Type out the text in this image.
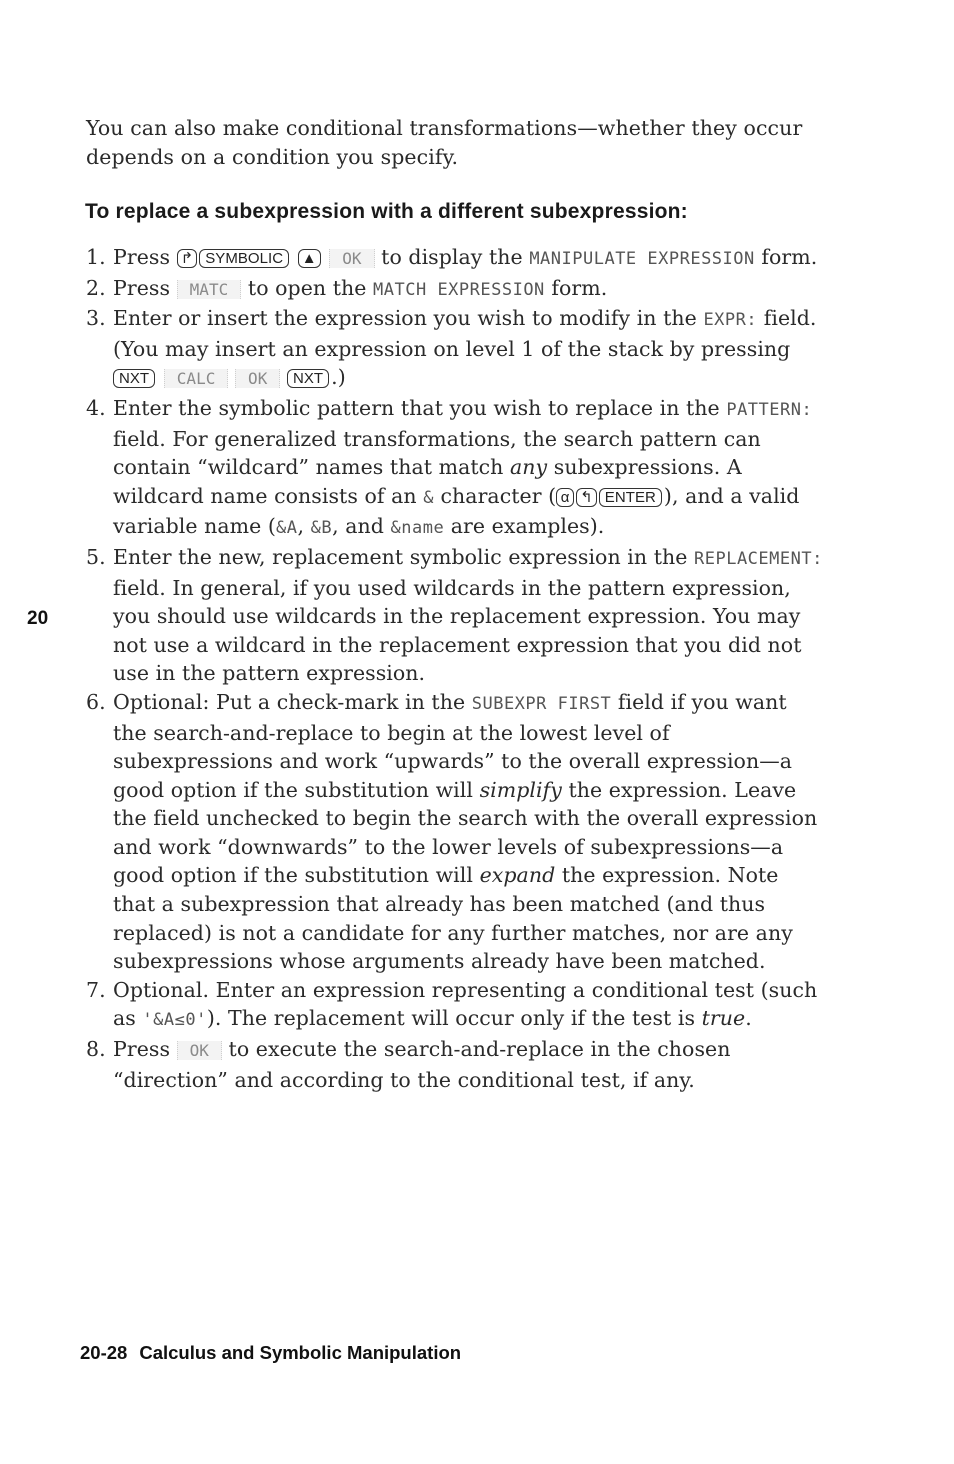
You can also make conditional transformations—whether they occur depends on a condition you specify.

To replace a subexpression with a different subexpression:

1. Press ↱ SYMBOLIC ▲ OK to display the MANIPULATE EXPRESSION form.

2. Press MATC to open the MATCH EXPRESSION form.

3. Enter or insert the expression you wish to modify in the EXPR: field. (You may insert an expression on level 1 of the stack by pressing NXT CALC OK NXT .)

4. Enter the symbolic pattern that you wish to replace in the PATTERN: field. For generalized transformations, the search pattern can contain “wildcard” names that match any subexpressions. A wildcard name consists of an & character ( α ↰ ENTER ), and a valid variable name (&A, &B, and &name are examples).

5. Enter the new, replacement symbolic expression in the REPLACEMENT: field. In general, if you used wildcards in the pattern expression, you should use wildcards in the replacement expression. You may not use a wildcard in the replacement expression that you did not use in the pattern expression.

6. Optional: Put a check-mark in the SUBEXPR FIRST field if you want the search-and-replace to begin at the lowest level of subexpressions and work “upwards” to the overall expression—a good option if the substitution will simplify the expression. Leave the field unchecked to begin the search with the overall expression and work “downwards” to the lower levels of subexpressions—a good option if the substitution will expand the expression. Note that a subexpression that already has been matched (and thus replaced) is not a candidate for any further matches, nor are any subexpressions whose arguments already have been matched.

7. Optional. Enter an expression representing a conditional test (such as '&A≤0'). The replacement will occur only if the test is true.

8. Press OK to execute the search-and-replace in the chosen “direction” and according to the conditional test, if any.

20
20-28 Calculus and Symbolic Manipulation
